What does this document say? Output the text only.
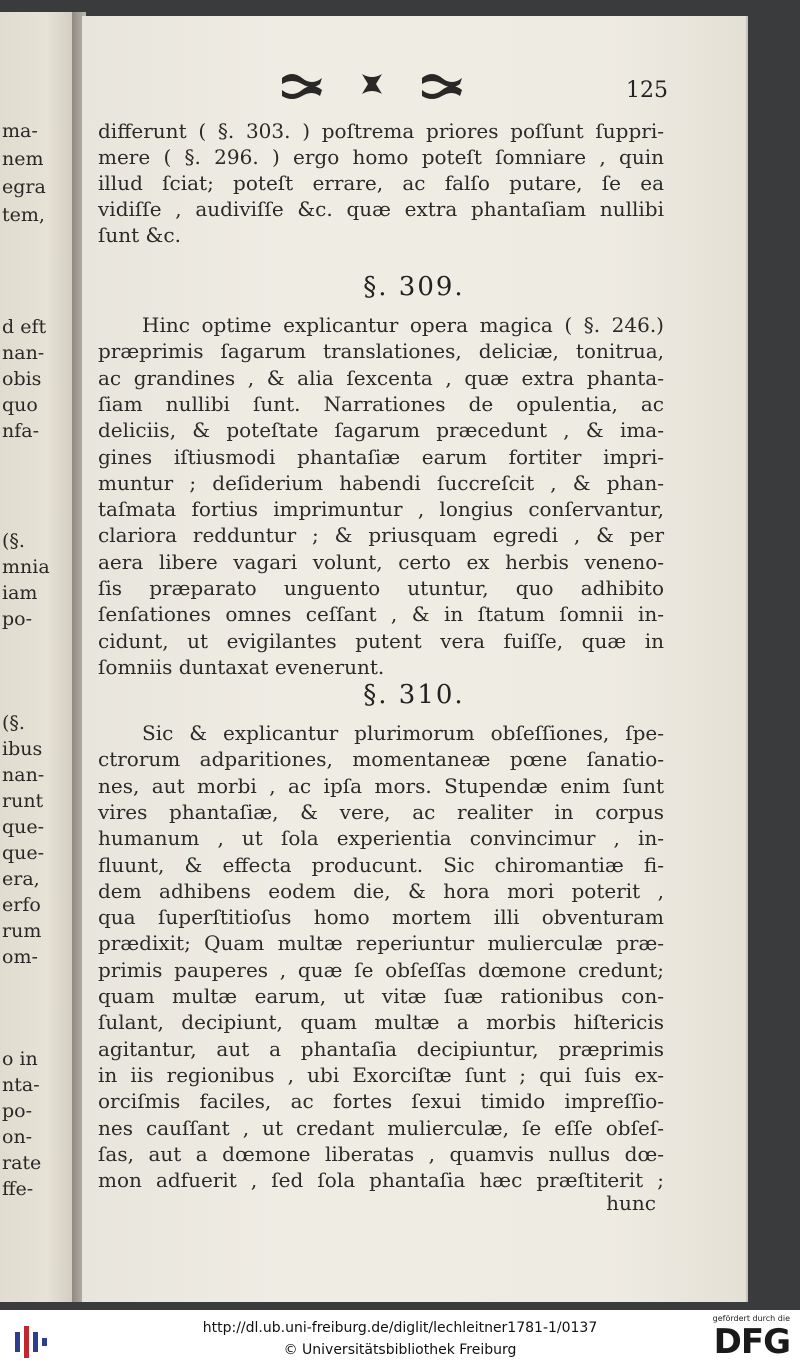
ma-
nem
egra
tem,
d eft
nan-
obis
quo
nfa-
(§.
mnia
iam
po-
(§.
ibus
nan-
runt
que-
que-
era,
erfo
rum
om-
o in
nta-
po-
on-
rate
ffe-
125
differunt ( §. 303. ) poſtrema priores poſſunt ſuppri-
mere ( §. 296. ) ergo homo poteſt ſomniare , quin
illud ſciat; poteſt errare, ac falſo putare, ſe ea
vidiſſe , audiviſſe &c. quæ extra phantaſiam nullibi
ſunt &c.
§. 309.
Hinc optime explicantur opera magica ( §. 246.)
præprimis ſagarum translationes, deliciæ, tonitrua,
ac grandines , & alia ſexcenta , quæ extra phanta-
ſiam nullibi ſunt. Narrationes de opulentia, ac
deliciis, & poteſtate ſagarum præcedunt , & ima-
gines iſtiusmodi phantaſiæ earum fortiter impri-
muntur ; deſiderium habendi ſuccreſcit , & phan-
taſmata fortius imprimuntur , longius conſervantur,
clariora redduntur ; & priusquam egredi , & per
aera libere vagari volunt, certo ex herbis veneno-
ſis præparato unguento utuntur, quo adhibito
ſenſationes omnes ceſſant , & in ſtatum ſomnii in-
cidunt, ut evigilantes putent vera fuiſſe, quæ in
ſomniis duntaxat evenerunt.
§. 310.
Sic & explicantur plurimorum obſeſſiones, ſpe-
ctrorum adparitiones, momentaneæ pœne ſanatio-
nes, aut morbi , ac ipſa mors. Stupendæ enim ſunt
vires phantaſiæ, & vere, ac realiter in corpus
humanum , ut ſola experientia convincimur , in-
fluunt, & effecta producunt. Sic chiromantiæ fi-
dem adhibens eodem die, & hora mori poterit ,
qua ſuperſtitioſus homo mortem illi obventuram
prædixit; Quam multæ reperiuntur mulierculæ præ-
primis pauperes , quæ ſe obſeſſas dœmone credunt;
quam multæ earum, ut vitæ ſuæ rationibus con-
ſulant, decipiunt, quam multæ a morbis hiſtericis
agitantur, aut a phantaſia decipiuntur, præprimis
in iis regionibus , ubi Exorciſtæ ſunt ; qui ſuis ex-
orciſmis faciles, ac fortes ſexui timido impreſſio-
nes cauſſant , ut credant mulierculæ, ſe eſſe obſeſ-
ſas, aut a dœmone liberatas , quamvis nullus dœ-
mon adfuerit , ſed ſola phantaſia hæc præſtiterit ;
hunc
http://dl.ub.uni-freiburg.de/diglit/lechleitner1781-1/0137
© Universitätsbibliothek Freiburg
gefördert durch die
DFG
